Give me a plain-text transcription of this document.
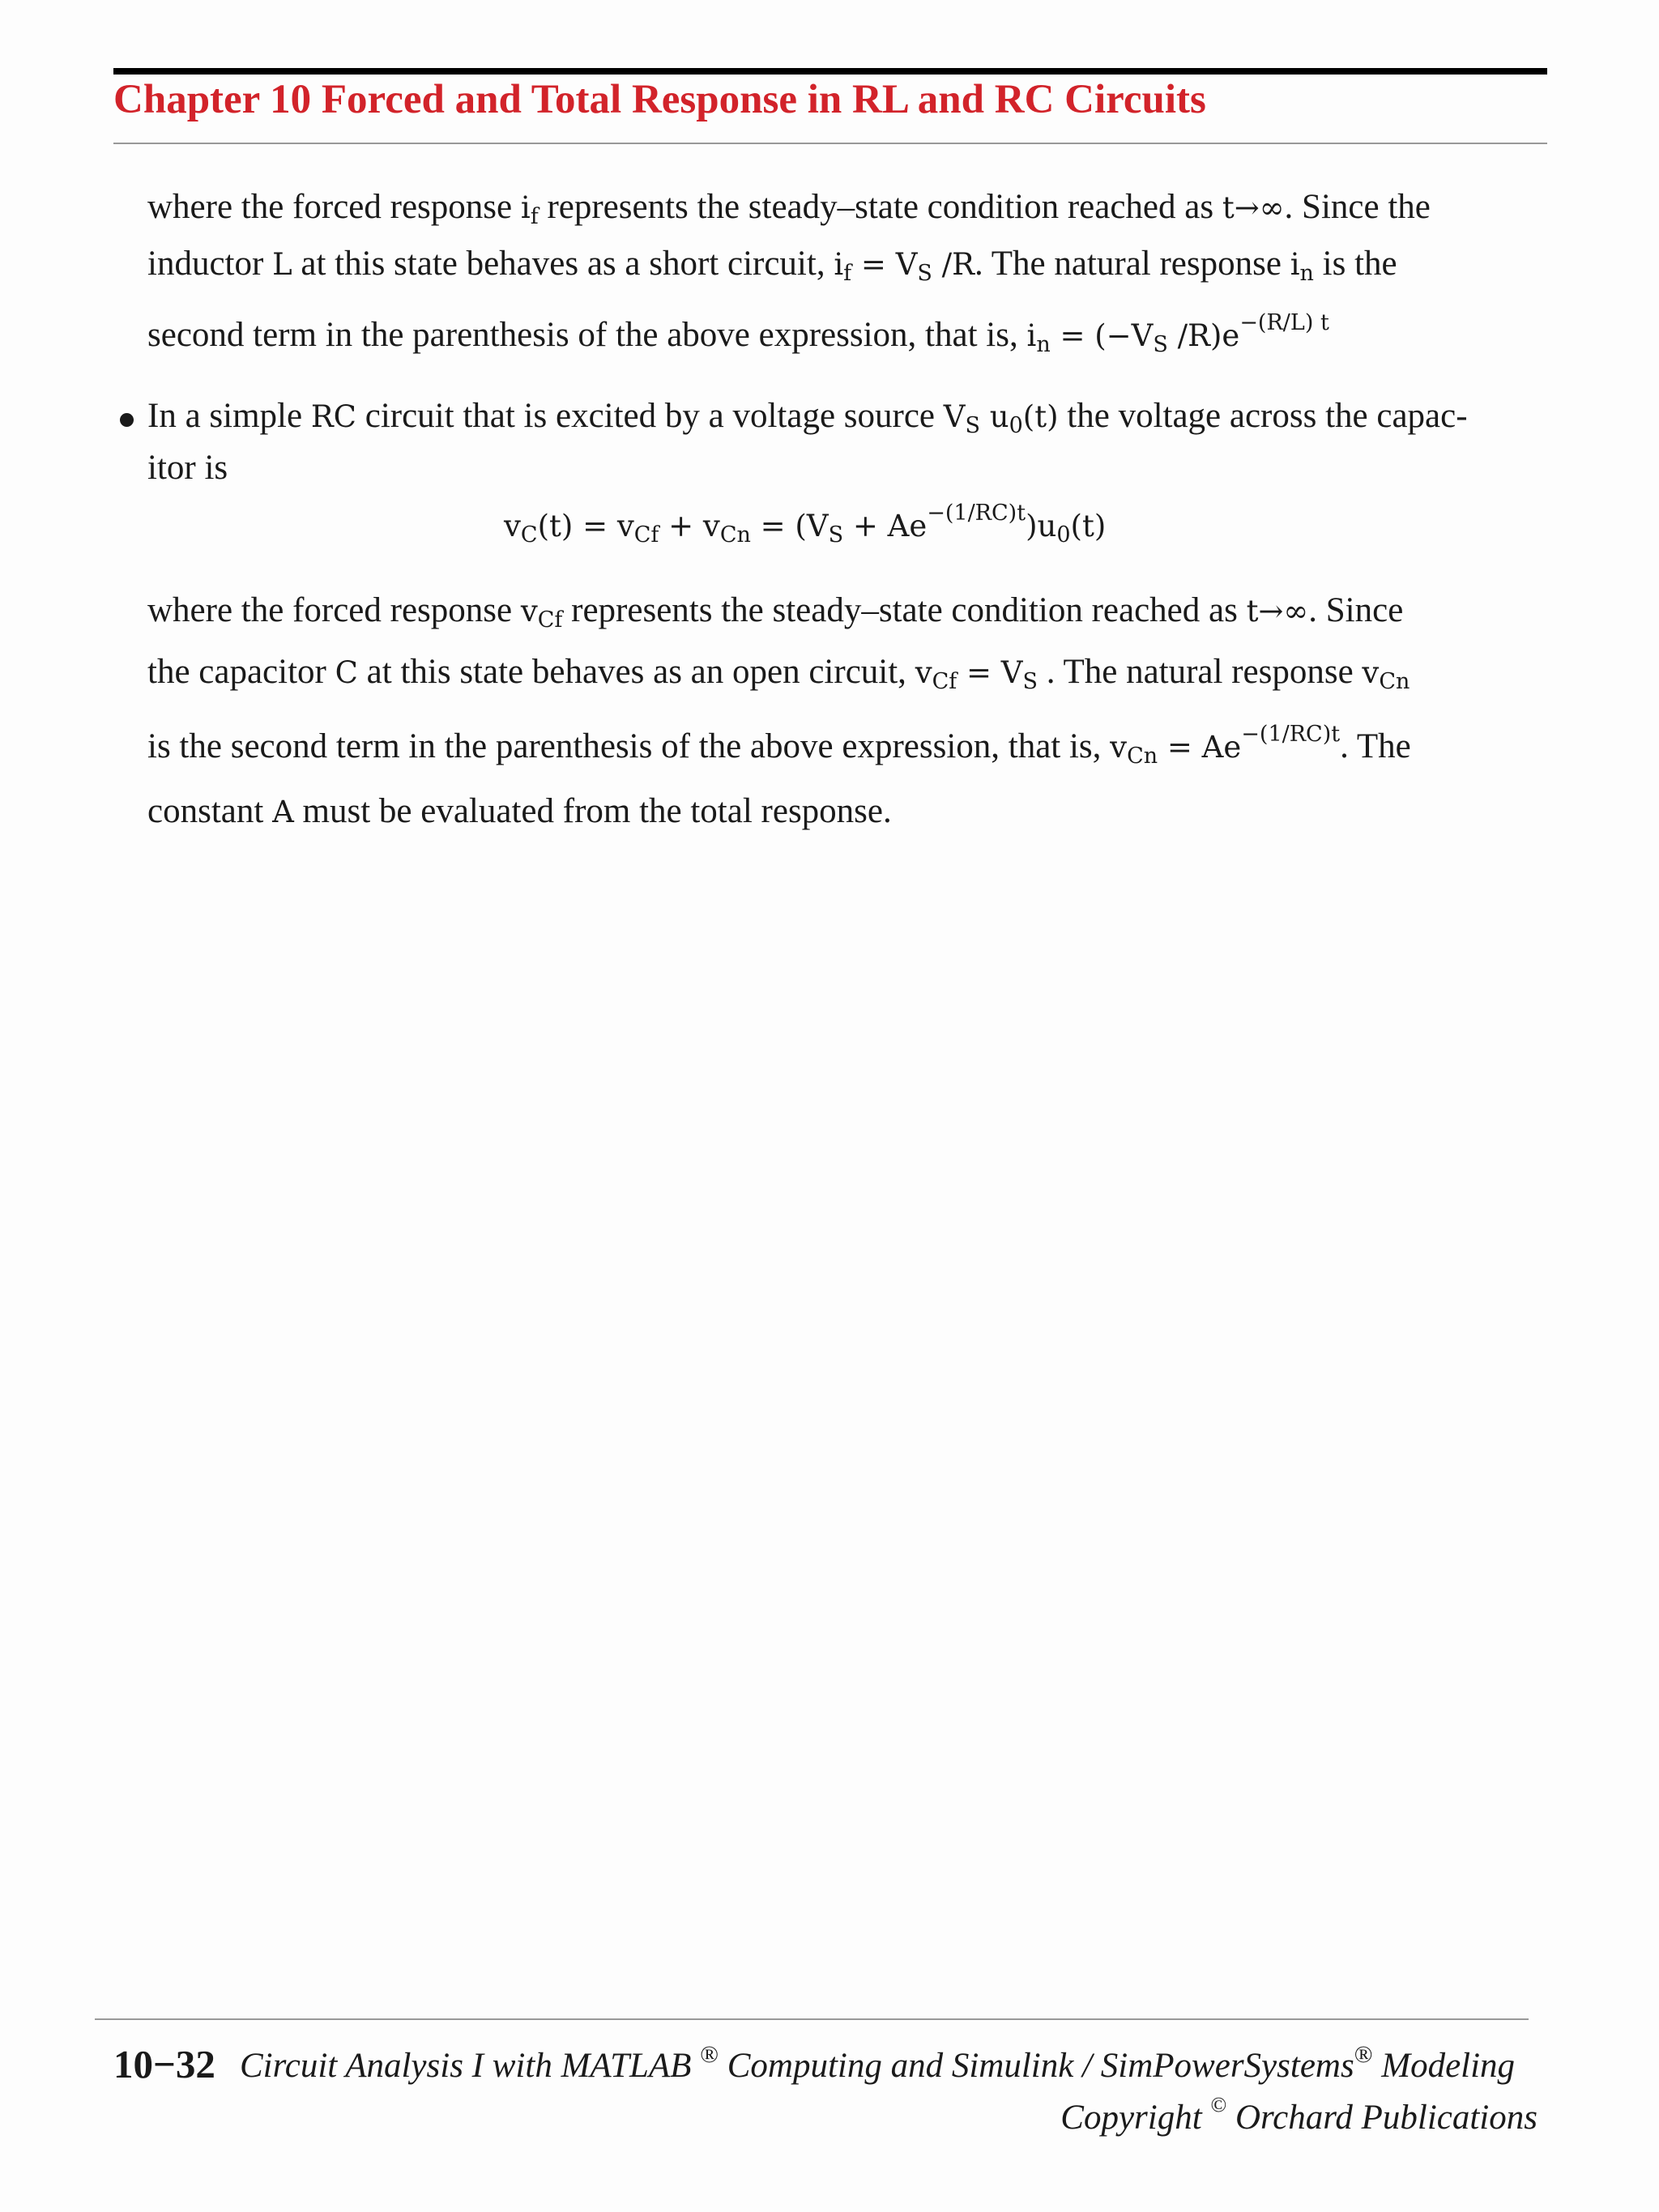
Chapter 10 Forced and Total Response in RL and RC Circuits
where the forced response $i_f$ represents the steady–state condition reached as t→∞. Since the
inductor L at this state behaves as a short circuit, $i_f = V_S$ /R. The natural response $i_n$ is the
second term in the parenthesis of the above expression, that is, $i_n = (-V_S$ $/R)e^{-(R/L) t}$
In a simple RC circuit that is excited by a voltage source $V_S$ $u_0(t)$ the voltage across the capac-
itor is
$v_C(t) = v_{Cf} + v_{Cn} = (V_S + Ae^{-(1/RC)t})u_0(t)$
where the forced response $v_{Cf}$ represents the steady–state condition reached as t→∞. Since
the capacitor C at this state behaves as an open circuit, $v_{Cf} = V_S$ . The natural response $v_{Cn}$
is the second term in the parenthesis of the above expression, that is, $v_{Cn} = Ae^{-(1/RC)t}$. The
constant A must be evaluated from the total response.
10−32 Circuit Analysis I with MATLAB ® Computing and Simulink / SimPowerSystems® Modeling
Copyright © Orchard Publications
